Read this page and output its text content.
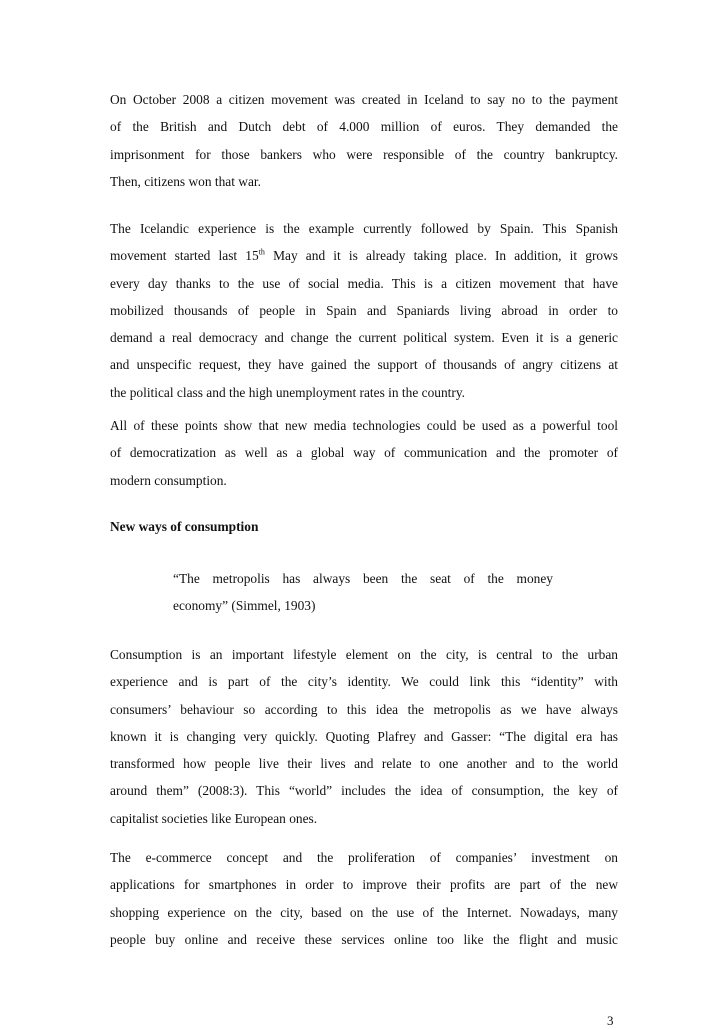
On October 2008 a citizen movement was created in Iceland to say no to the payment
of the British and Dutch debt of 4.000 million of euros. They demanded the
imprisonment for those bankers who were responsible of the country bankruptcy.
Then, citizens won that war.
The Icelandic experience is the example currently followed by Spain. This Spanish
movement started last 15th May and it is already taking place. In addition, it grows
every day thanks to the use of social media. This is a citizen movement that have
mobilized thousands of people in Spain and Spaniards living abroad in order to
demand a real democracy and change the current political system. Even it is a generic
and unspecific request, they have gained the support of thousands of angry citizens at
the political class and the high unemployment rates in the country.
All of these points show that new media technologies could be used as a powerful tool
of democratization as well as a global way of communication and the promoter of
modern consumption.
New ways of consumption
“The metropolis has always been the seat of the money
economy” (Simmel, 1903)
Consumption is an important lifestyle element on the city, is central to the urban
experience and is part of the city’s identity. We could link this “identity” with
consumers’ behaviour so according to this idea the metropolis as we have always
known it is changing very quickly. Quoting Plafrey and Gasser: “The digital era has
transformed how people live their lives and relate to one another and to the world
around them” (2008:3). This “world” includes the idea of consumption, the key of
capitalist societies like European ones.
The e-commerce concept and the proliferation of companies’ investment on
applications for smartphones in order to improve their profits are part of the new
shopping experience on the city, based on the use of the Internet. Nowadays, many
people buy online and receive these services online too like the flight and music
3
